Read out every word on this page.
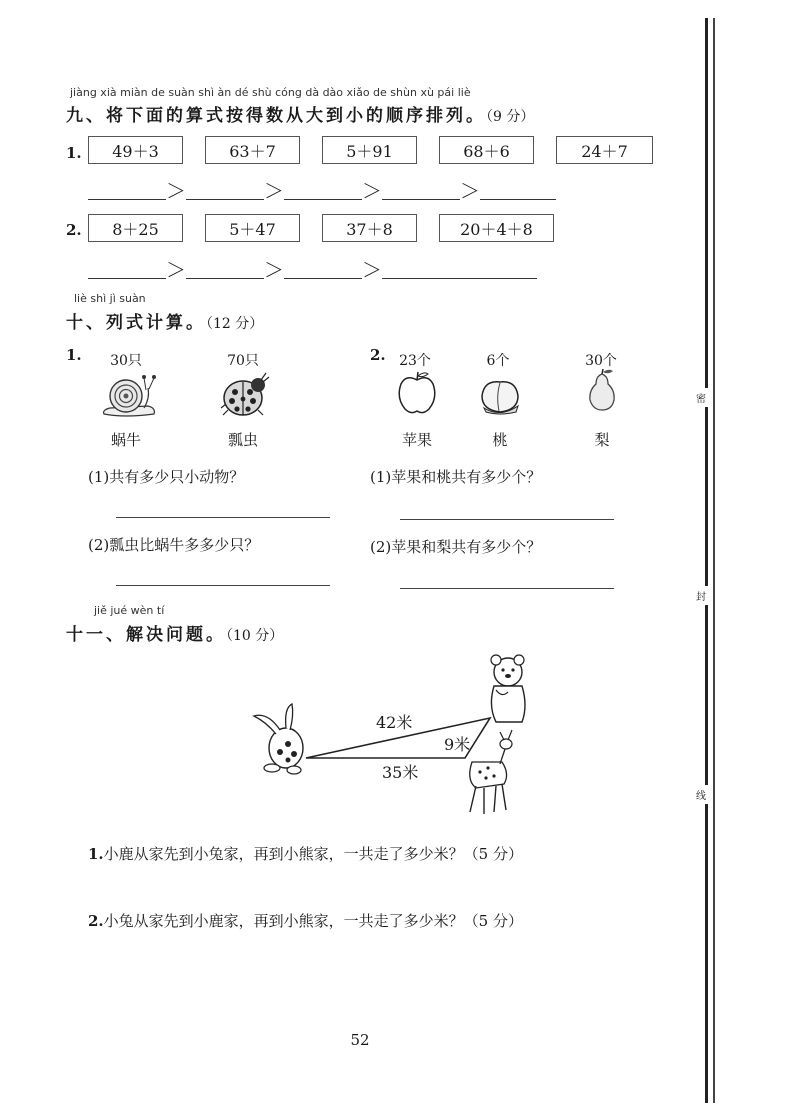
jiàng xià miàn de suàn shì àn dé shù cóng dà dào xiǎo de shùn xù pái liè
九、将下面的算式按得数从大到小的顺序排列。（9 分）
1.	49＋3	63＋7	5＋91	68＋6	24＋7
＞	＞	＞	＞
2.	8＋25	5＋47	37＋8	20＋4＋8
＞	＞	＞
liè shì jì suàn
十、列式计算。（12 分）
1.	30只	70只
蜗牛	瓢虫
(1)共有多少只小动物？
(2)瓢虫比蜗牛多多少只？
2. 23个	6个	30个
苹果	桃	梨
(1)苹果和桃共有多少个？
(2)苹果和梨共有多少个？
jiě jué wèn tí
十一、解决问题。（10 分）
42米
9米
35米
1.小鹿从家先到小兔家，再到小熊家，一共走了多少米？（5 分）
2.小兔从家先到小鹿家，再到小熊家，一共走了多少米？（5 分）
52
密
封
线
